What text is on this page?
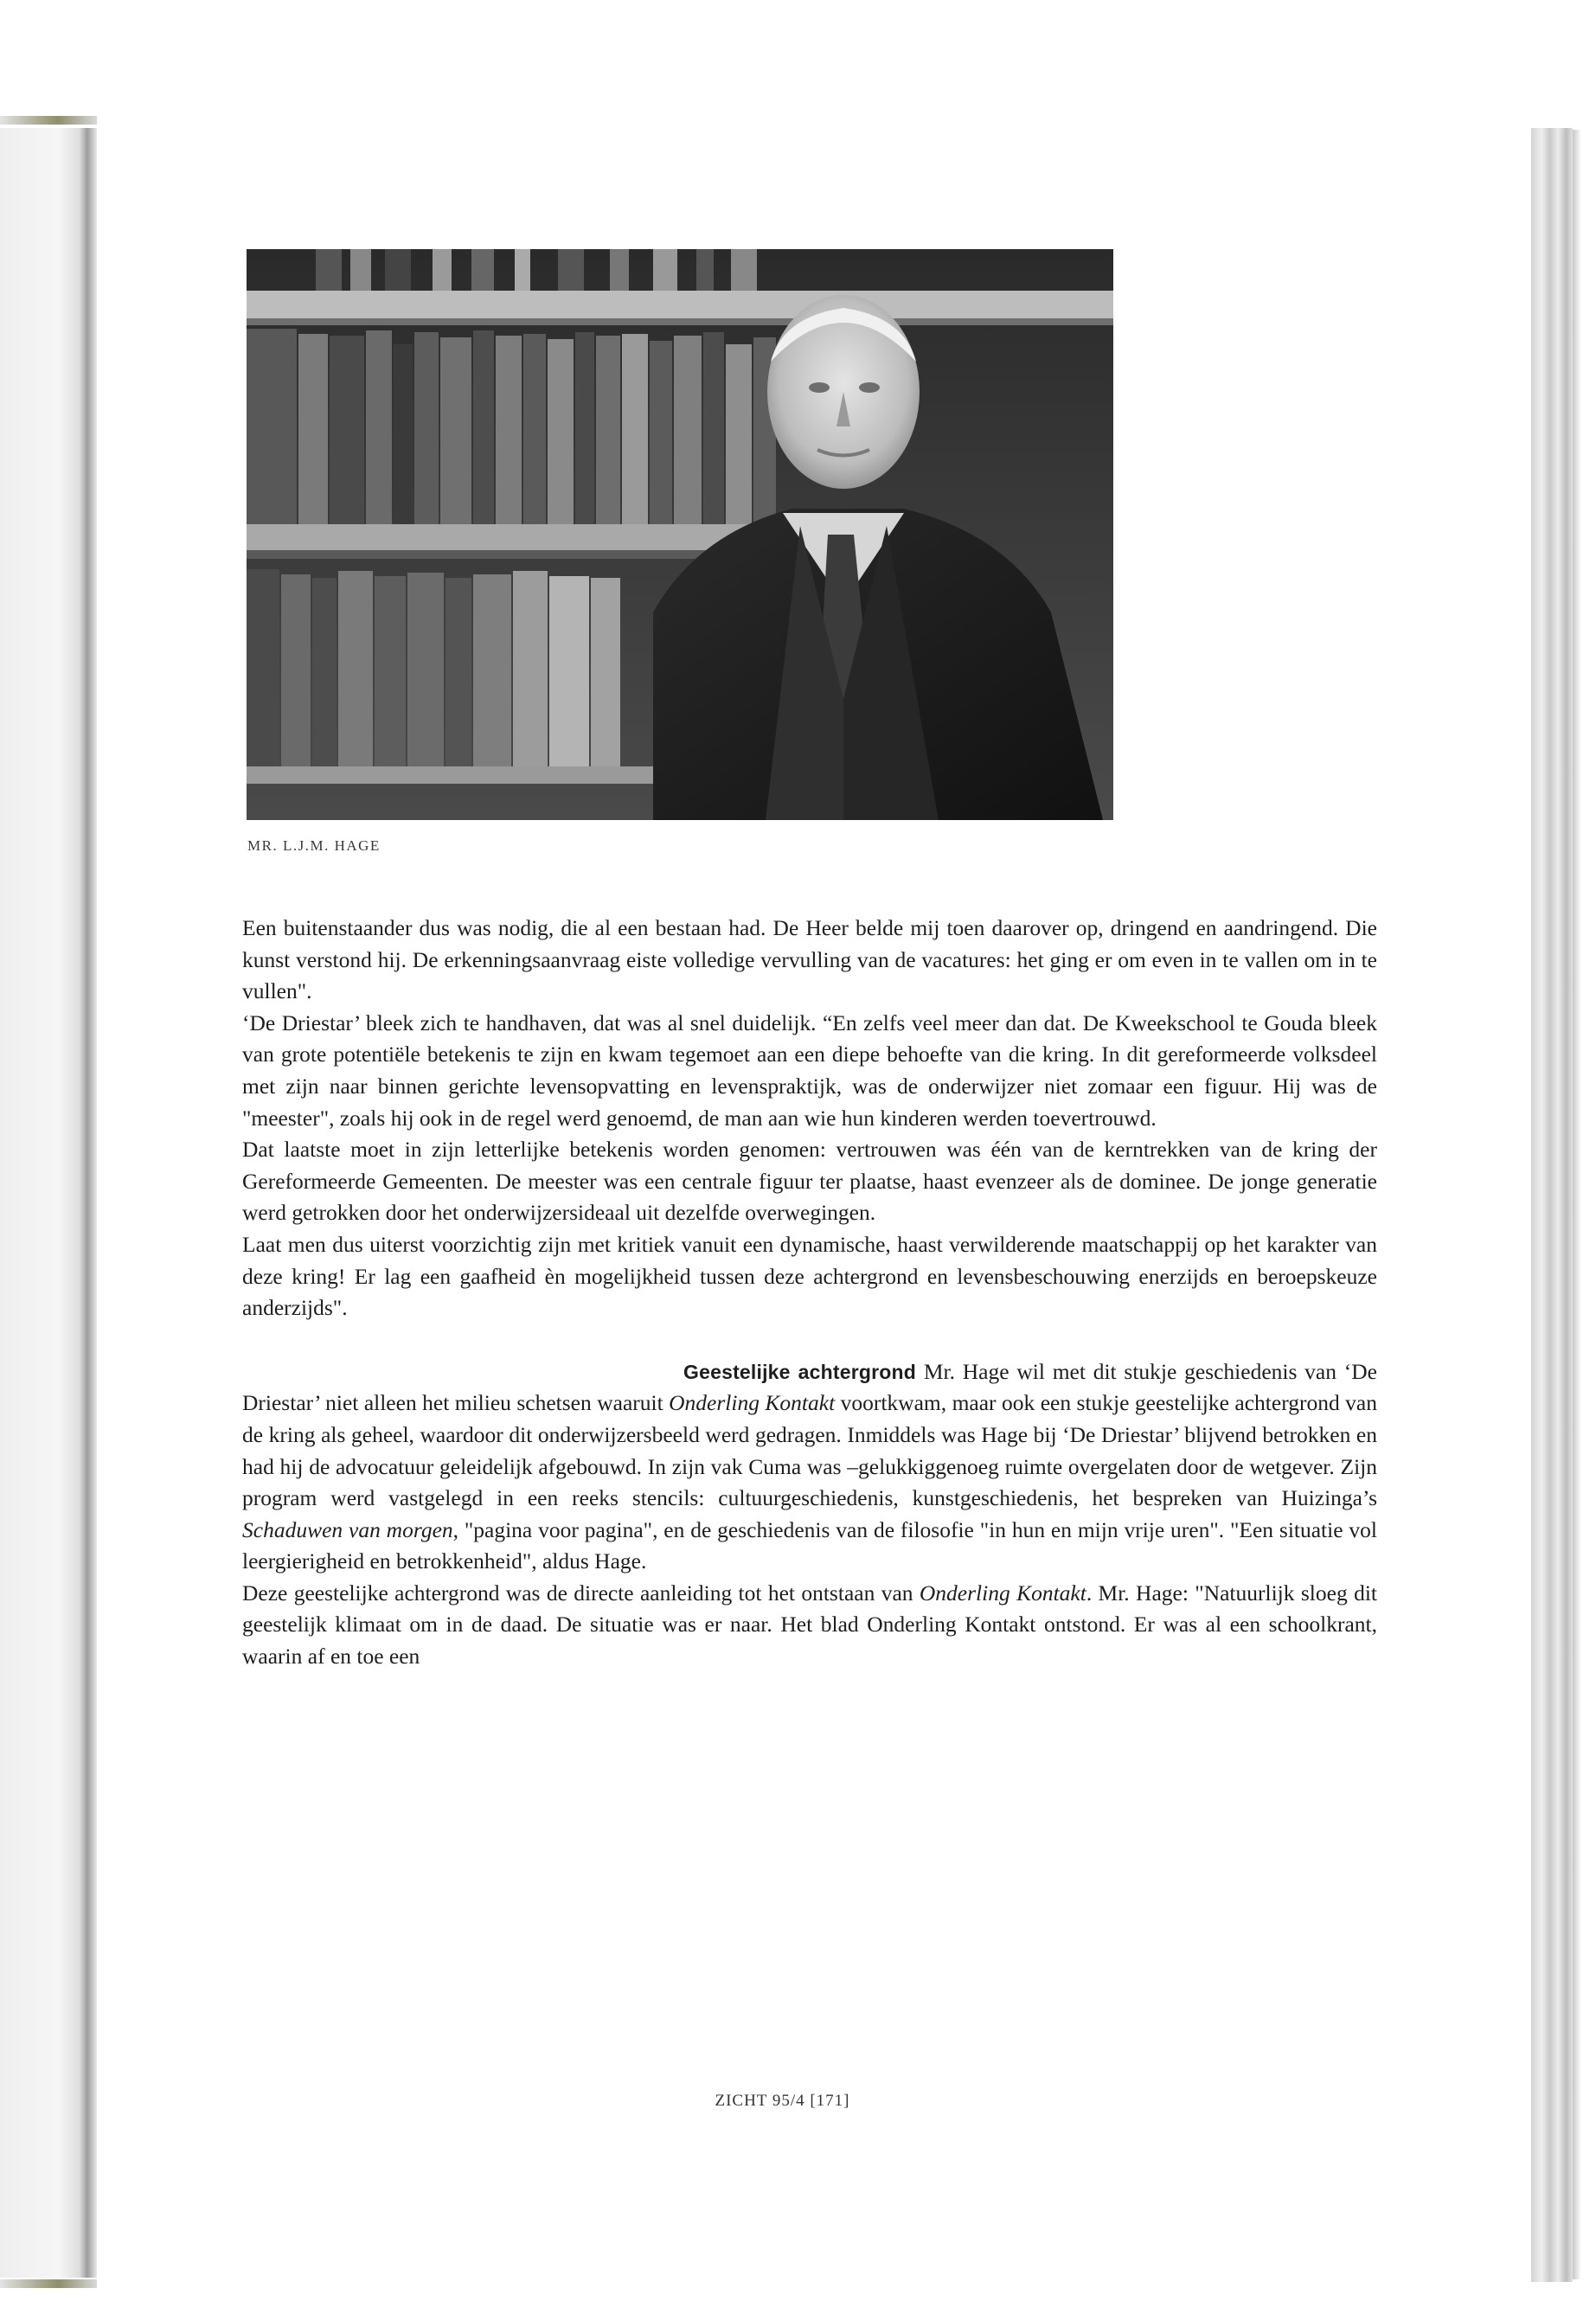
MR. L.J.M. HAGE

Een buitenstaander dus was nodig, die al een bestaan had. De Heer belde mij toen daarover op, dringend en aandringend. Die kunst verstond hij. De erkenningsaanvraag eiste volledige vervulling van de vacatures: het ging er om even in te vallen om in te vullen".

‘De Driestar’ bleek zich te handhaven, dat was al snel duidelijk. “En zelfs veel meer dan dat. De Kweekschool te Gouda bleek van grote potentiële betekenis te zijn en kwam tegemoet aan een diepe behoefte van die kring. In dit gereformeerde volksdeel met zijn naar binnen gerichte levensopvatting en levenspraktijk, was de onderwijzer niet zomaar een figuur. Hij was de "meester", zoals hij ook in de regel werd genoemd, de man aan wie hun kinderen werden toevertrouwd.

Dat laatste moet in zijn letterlijke betekenis worden genomen: vertrouwen was één van de kerntrekken van de kring der Gereformeerde Gemeenten. De meester was een centrale figuur ter plaatse, haast evenzeer als de dominee. De jonge generatie werd getrokken door het onderwijzersideaal uit dezelfde overwegingen.

Laat men dus uiterst voorzichtig zijn met kritiek vanuit een dynamische, haast verwilderende maatschappij op het karakter van deze kring! Er lag een gaafheid èn mogelijkheid tussen deze achtergrond en levensbeschouwing enerzijds en beroepskeuze anderzijds".

Geestelijke achtergrond Mr. Hage wil met dit stukje geschiedenis van ‘De Driestar’ niet alleen het milieu schetsen waaruit Onderling Kontakt voortkwam, maar ook een stukje geestelijke achtergrond van de kring als geheel, waardoor dit onderwijzersbeeld werd gedragen. Inmiddels was Hage bij ‘De Driestar’ blijvend betrokken en had hij de advocatuur geleidelijk afgebouwd. In zijn vak Cuma was –gelukkiggenoeg ruimte overgelaten door de wetgever. Zijn program werd vastgelegd in een reeks stencils: cultuurgeschiedenis, kunstgeschiedenis, het bespreken van Huizinga’s Schaduwen van morgen, "pagina voor pagina", en de geschiedenis van de filosofie "in hun en mijn vrije uren". "Een situatie vol leergierigheid en betrokkenheid", aldus Hage.

Deze geestelijke achtergrond was de directe aanleiding tot het ontstaan van Onderling Kontakt. Mr. Hage: "Natuurlijk sloeg dit geestelijk klimaat om in de daad. De situatie was er naar. Het blad Onderling Kontakt ontstond. Er was al een schoolkrant, waarin af en toe een

ZICHT 95/4 [171]
